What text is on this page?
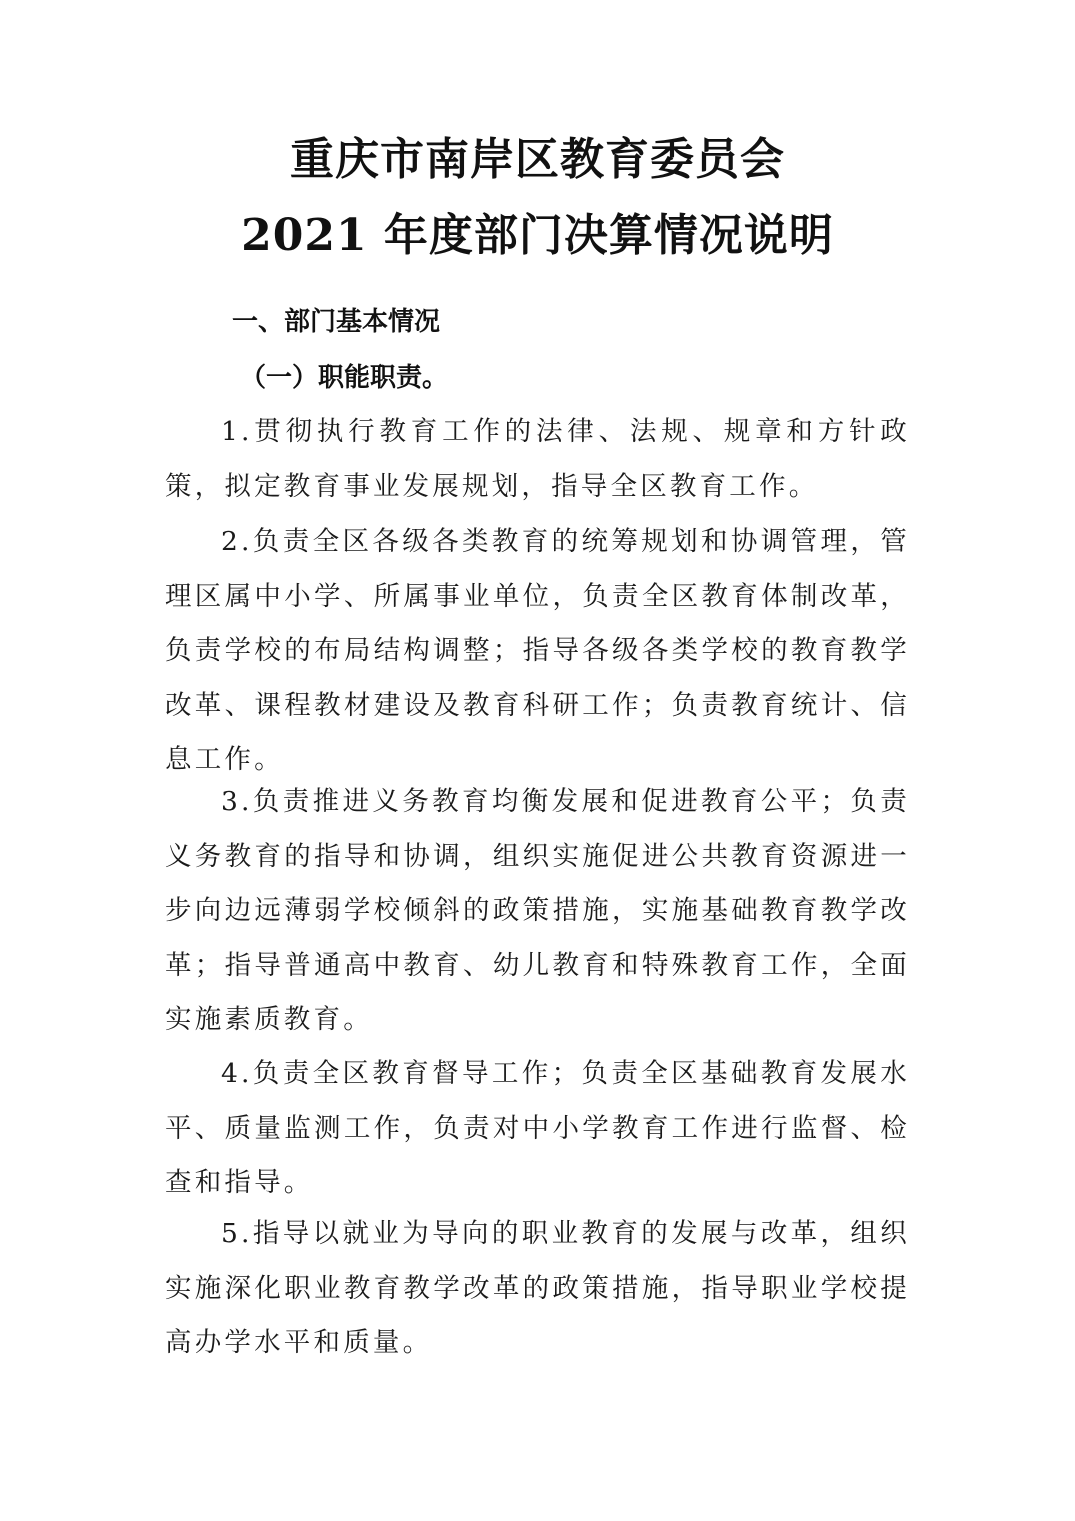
重庆市南岸区教育委员会
2021 年度部门决算情况说明
一、部门基本情况
（一）职能职责。

1.贯彻执行教育工作的法律、法规、规章和方针政策，拟定教育事业发展规划，指导全区教育工作。

2.负责全区各级各类教育的统筹规划和协调管理，管理区属中小学、所属事业单位，负责全区教育体制改革，负责学校的布局结构调整；指导各级各类学校的教育教学改革、课程教材建设及教育科研工作；负责教育统计、信息工作。

3.负责推进义务教育均衡发展和促进教育公平；负责义务教育的指导和协调，组织实施促进公共教育资源进一步向边远薄弱学校倾斜的政策措施，实施基础教育教学改革；指导普通高中教育、幼儿教育和特殊教育工作，全面实施素质教育。

4.负责全区教育督导工作；负责全区基础教育发展水平、质量监测工作，负责对中小学教育工作进行监督、检查和指导。

5.指导以就业为导向的职业教育的发展与改革，组织实施深化职业教育教学改革的政策措施，指导职业学校提高办学水平和质量。
